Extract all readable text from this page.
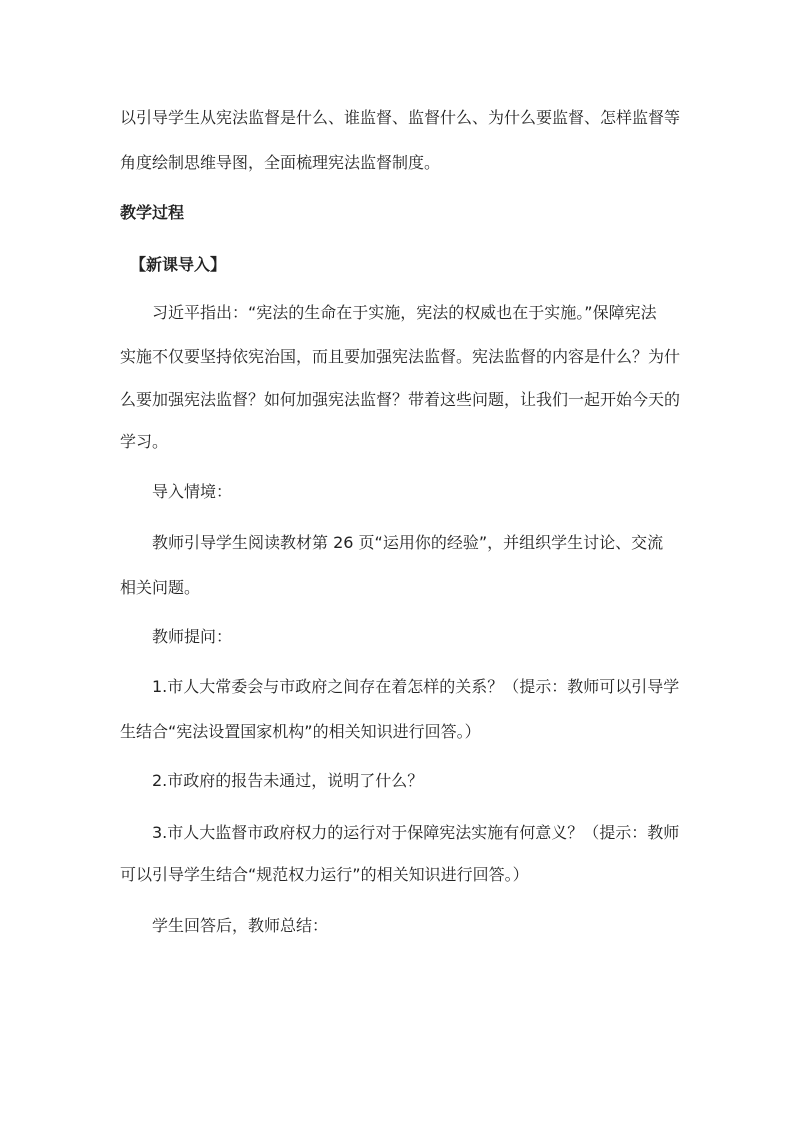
以引导学生从宪法监督是什么、谁监督、监督什么、为什么要监督、怎样监督等
角度绘制思维导图，全面梳理宪法监督制度。
教学过程
【新课导入】
习近平指出：“宪法的生命在于实施，宪法的权威也在于实施。”保障宪法
实施不仅要坚持依宪治国，而且要加强宪法监督。宪法监督的内容是什么？为什
么要加强宪法监督？如何加强宪法监督？带着这些问题，让我们一起开始今天的
学习。
导入情境：
教师引导学生阅读教材第 26 页“运用你的经验”，并组织学生讨论、交流
相关问题。
教师提问：
1.市人大常委会与市政府之间存在着怎样的关系？（提示：教师可以引导学
生结合“宪法设置国家机构”的相关知识进行回答。）
2.市政府的报告未通过，说明了什么？
3.市人大监督市政府权力的运行对于保障宪法实施有何意义？（提示：教师
可以引导学生结合“规范权力运行”的相关知识进行回答。）
学生回答后，教师总结：
